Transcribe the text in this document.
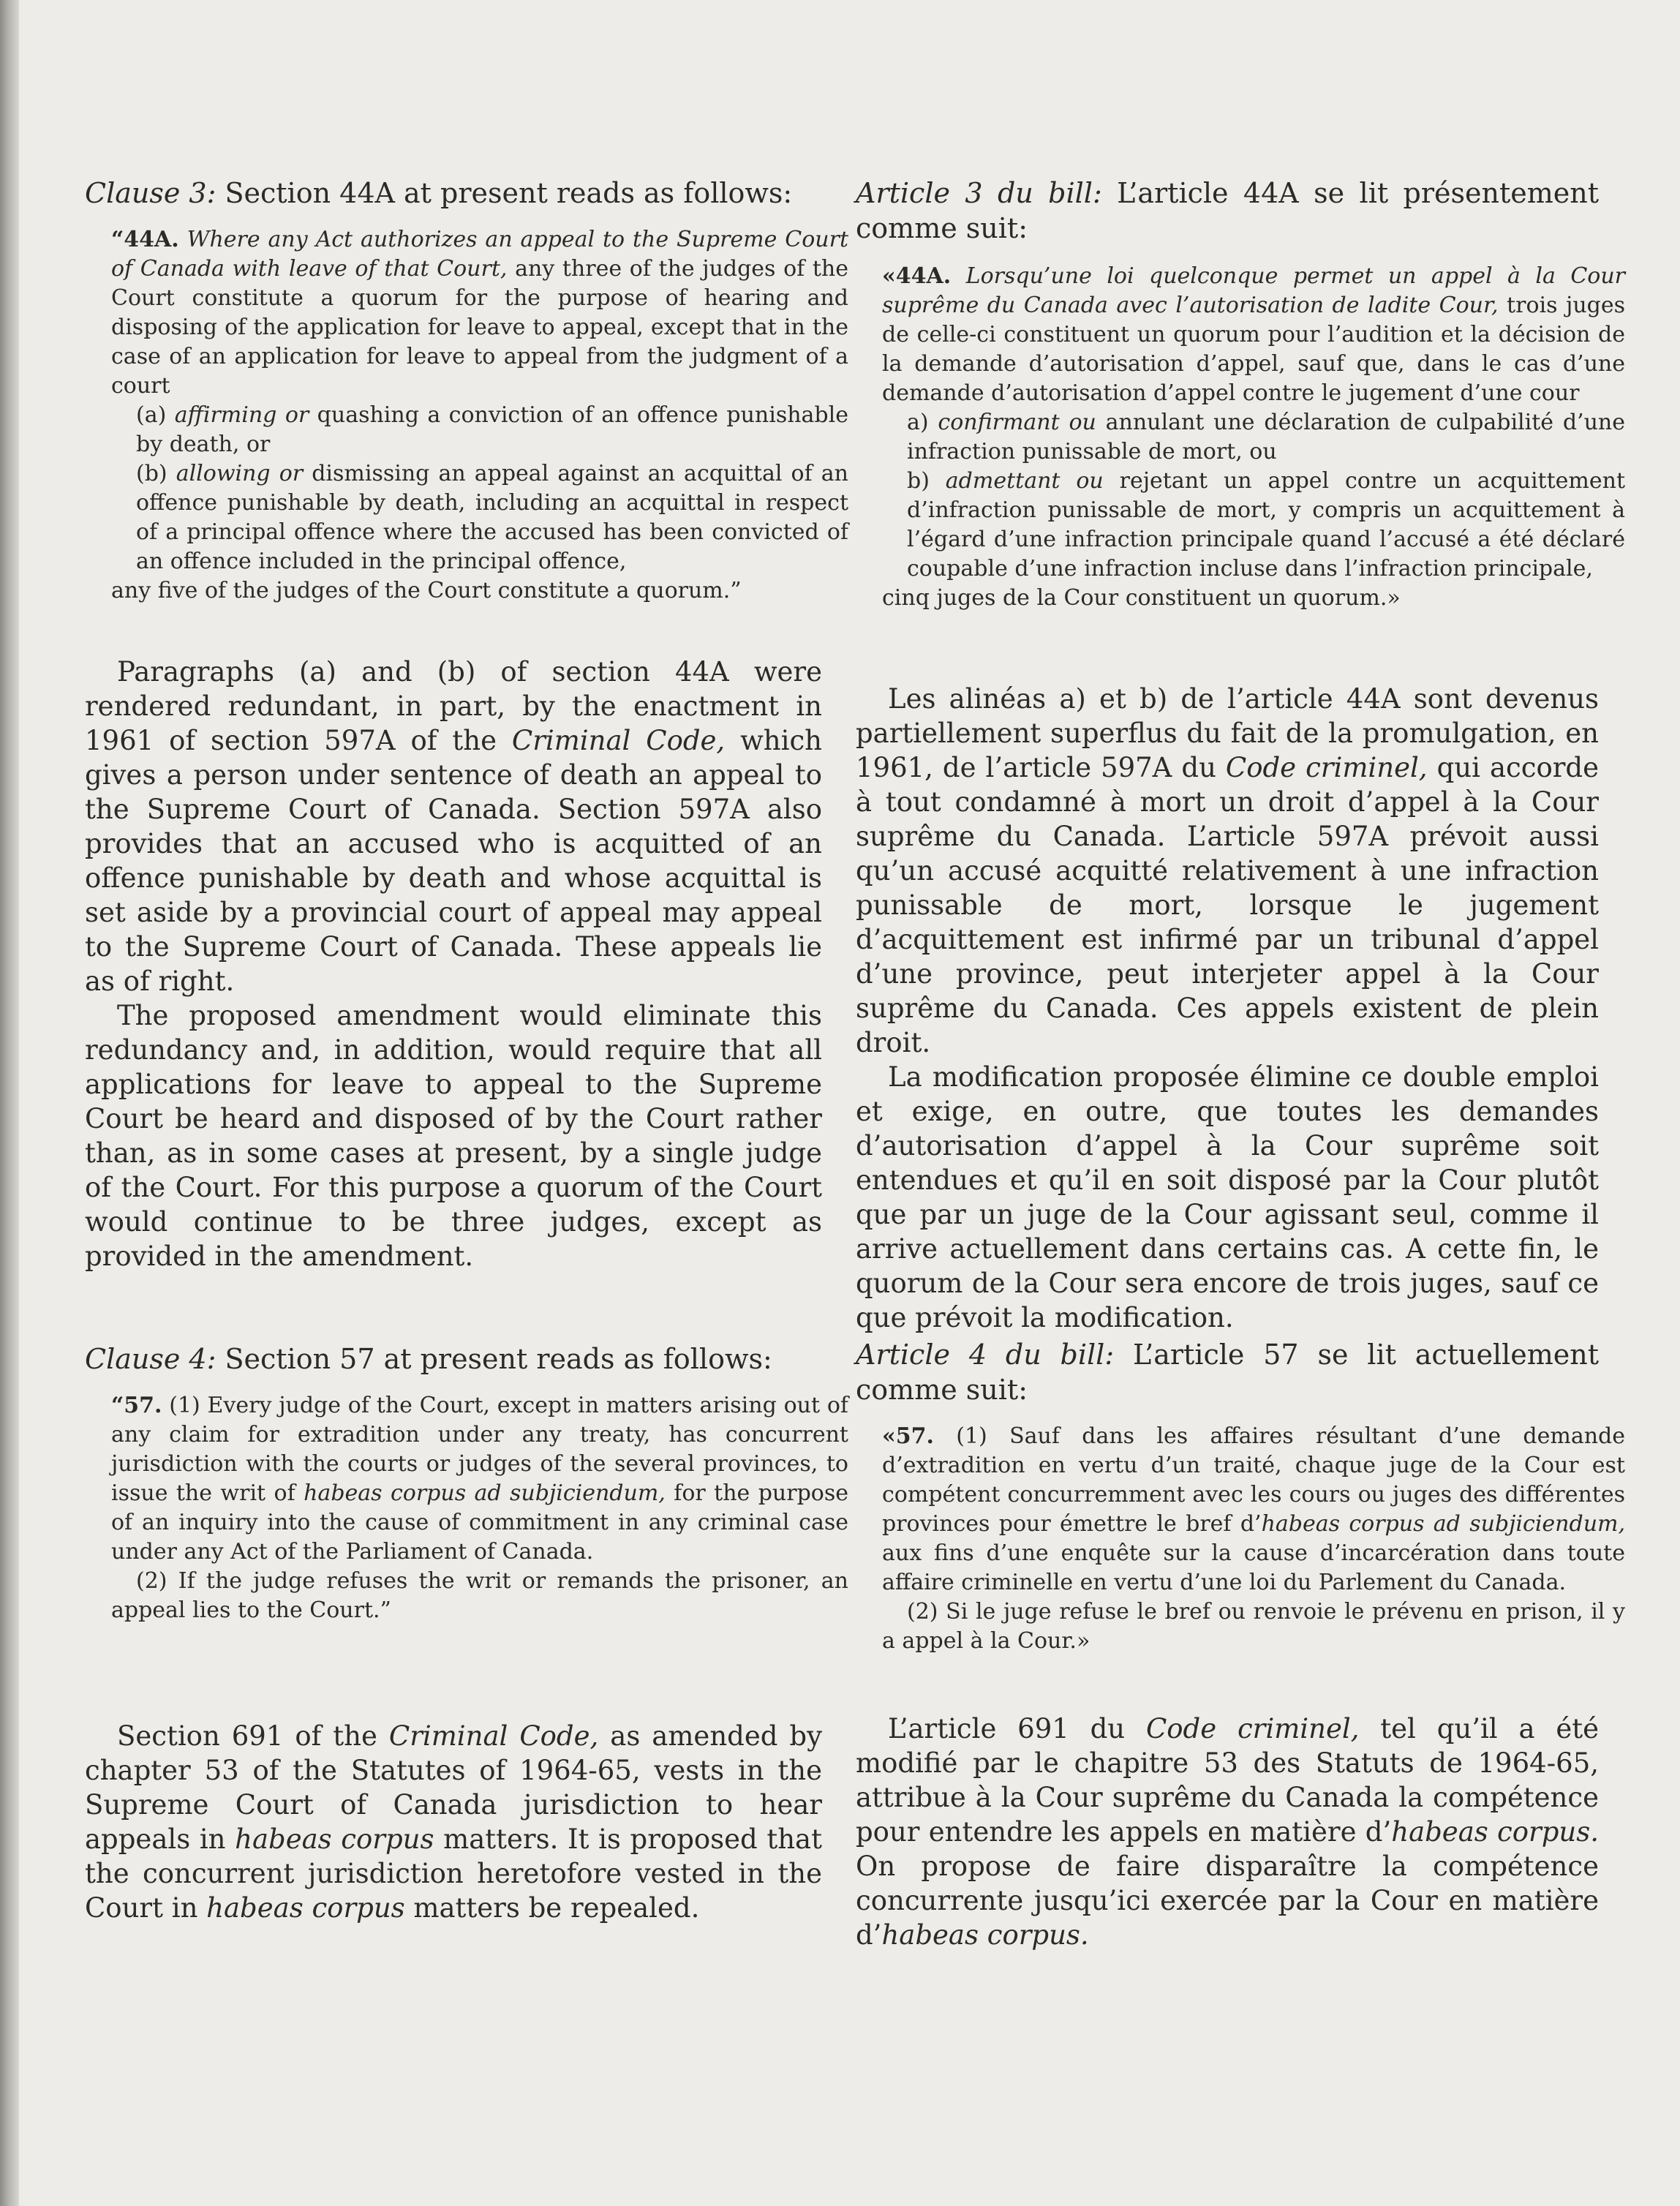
Clause 3: Section 44A at present reads as follows:

“44A. Where any Act authorizes an appeal to the Supreme Court of Canada with leave of that Court, any three of the judges of the Court constitute a quorum for the purpose of hearing and disposing of the application for leave to appeal, except that in the case of an application for leave to appeal from the judgment of a court

(a) affirming or quashing a conviction of an offence punishable by death, or

(b) allowing or dismissing an appeal against an acquittal of an offence punishable by death, including an acquittal in respect of a principal offence where the accused has been convicted of an offence included in the principal offence,

any five of the judges of the Court constitute a quorum.”

Paragraphs (a) and (b) of section 44A were rendered redundant, in part, by the enactment in 1961 of section 597A of the Criminal Code, which gives a person under sentence of death an appeal to the Supreme Court of Canada. Section 597A also provides that an accused who is acquitted of an offence punishable by death and whose acquittal is set aside by a provincial court of appeal may appeal to the Supreme Court of Canada. These appeals lie as of right.

The proposed amendment would eliminate this redundancy and, in addition, would require that all applications for leave to appeal to the Supreme Court be heard and disposed of by the Court rather than, as in some cases at present, by a single judge of the Court. For this purpose a quorum of the Court would continue to be three judges, except as provided in the amendment.

Clause 4: Section 57 at present reads as follows:

“57. (1) Every judge of the Court, except in matters arising out of any claim for extradition under any treaty, has concurrent jurisdiction with the courts or judges of the several provinces, to issue the writ of habeas corpus ad subjiciendum, for the purpose of an inquiry into the cause of commitment in any criminal case under any Act of the Parliament of Canada.

(2) If the judge refuses the writ or remands the prisoner, an appeal lies to the Court.”

Section 691 of the Criminal Code, as amended by chapter 53 of the Statutes of 1964-65, vests in the Supreme Court of Canada jurisdiction to hear appeals in habeas corpus matters. It is proposed that the concurrent jurisdiction heretofore vested in the Court in habeas corpus matters be repealed.

Article 3 du bill: L’article 44A se lit présentement comme suit:

«44A. Lorsqu’une loi quelconque permet un appel à la Cour suprême du Canada avec l’autorisation de ladite Cour, trois juges de celle-ci constituent un quorum pour l’audition et la décision de la demande d’autorisation d’appel, sauf que, dans le cas d’une demande d’autorisation d’appel contre le jugement d’une cour

a) confirmant ou annulant une déclaration de culpabilité d’une infraction punissable de mort, ou

b) admettant ou rejetant un appel contre un acquittement d’infraction punissable de mort, y compris un acquittement à l’égard d’une infraction principale quand l’accusé a été déclaré coupable d’une infraction incluse dans l’infraction principale,

cinq juges de la Cour constituent un quorum.»

Les alinéas a) et b) de l’article 44A sont devenus partiellement superflus du fait de la promulgation, en 1961, de l’article 597A du Code criminel, qui accorde à tout condamné à mort un droit d’appel à la Cour suprême du Canada. L’article 597A prévoit aussi qu’un accusé acquitté relativement à une infraction punissable de mort, lorsque le jugement d’acquittement est infirmé par un tribunal d’appel d’une province, peut interjeter appel à la Cour suprême du Canada. Ces appels existent de plein droit.

La modification proposée élimine ce double emploi et exige, en outre, que toutes les demandes d’autorisation d’appel à la Cour suprême soit entendues et qu’il en soit disposé par la Cour plutôt que par un juge de la Cour agissant seul, comme il arrive actuellement dans certains cas. A cette fin, le quorum de la Cour sera encore de trois juges, sauf ce que prévoit la modification.

Article 4 du bill: L’article 57 se lit actuellement comme suit:

«57. (1) Sauf dans les affaires résultant d’une demande d’extradition en vertu d’un traité, chaque juge de la Cour est compétent concurremment avec les cours ou juges des différentes provinces pour émettre le bref d’habeas corpus ad subjiciendum, aux fins d’une enquête sur la cause d’incarcération dans toute affaire criminelle en vertu d’une loi du Parlement du Canada.

(2) Si le juge refuse le bref ou renvoie le prévenu en prison, il y a appel à la Cour.»

L’article 691 du Code criminel, tel qu’il a été modifié par le chapitre 53 des Statuts de 1964-65, attribue à la Cour suprême du Canada la compétence pour entendre les appels en matière d’habeas corpus. On propose de faire disparaître la compétence concurrente jusqu’ici exercée par la Cour en matière d’habeas corpus.
